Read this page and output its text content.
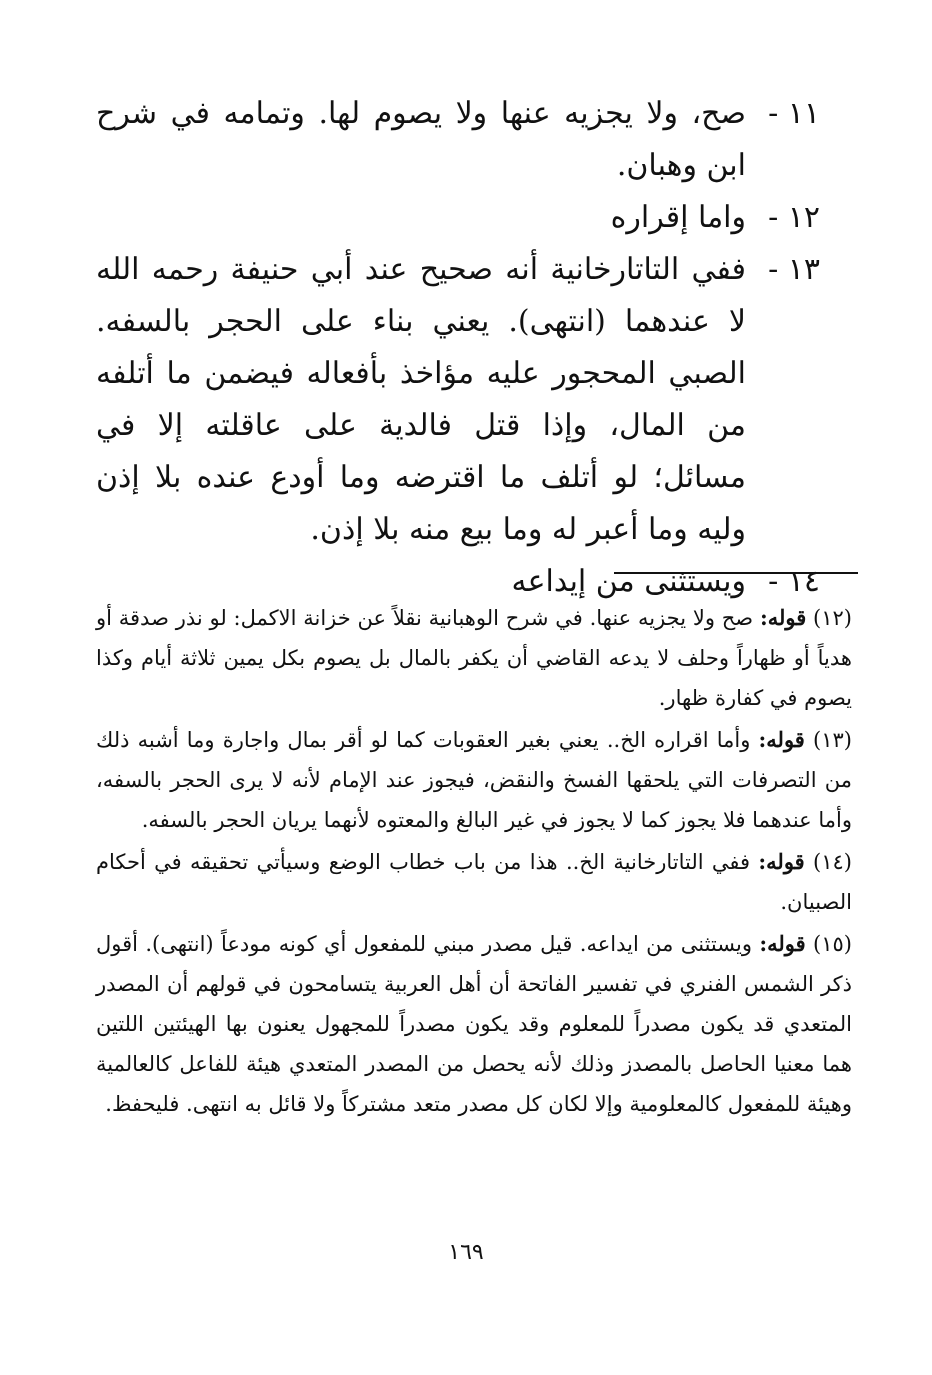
١١ -
صح، ولا يجزيه عنها ولا يصوم لها. وتمامه في شرح ابن وهبان.
١٢ -
واما إقراره
١٣ -
ففي التاتارخانية أنه صحيح عند أبي حنيفة رحمه الله لا عندهما (انتهى). يعني بناء على الحجر بالسفه. الصبي المحجور عليه مؤاخذ بأفعاله فيضمن ما أتلفه من المال، وإذا قتل فالدية على عاقلته إلا في مسائل؛ لو أتلف ما اقترضه وما أودع عنده بلا إذن وليه وما أعبر له وما بيع منه بلا إذن.
١٤ -
ويستثنى من إيداعه

(١٢) قوله: صح ولا يجزيه عنها. في شرح الوهبانية نقلاً عن خزانة الاكمل: لو نذر صدقة أو هدياً أو ظهاراً وحلف لا يدعه القاضي أن يكفر بالمال بل يصوم بكل يمين ثلاثة أيام وكذا يصوم في كفارة ظهار.

(١٣) قوله: وأما اقراره الخ.. يعني بغير العقوبات كما لو أقر بمال واجارة وما أشبه ذلك من التصرفات التي يلحقها الفسخ والنقض، فيجوز عند الإمام لأنه لا يرى الحجر بالسفه، وأما عندهما فلا يجوز كما لا يجوز في غير البالغ والمعتوه لأنهما يريان الحجر بالسفه.

(١٤) قوله: ففي التاتارخانية الخ.. هذا من باب خطاب الوضع وسيأتي تحقيقه في أحكام الصبيان.

(١٥) قوله: ويستثنى من ايداعه. قيل مصدر مبني للمفعول أي كونه مودعاً (انتهى). أقول ذكر الشمس الفنري في تفسير الفاتحة أن أهل العربية يتسامحون في قولهم أن المصدر المتعدي قد يكون مصدراً للمعلوم وقد يكون مصدراً للمجهول يعنون بها الهيئتين اللتين هما معنيا الحاصل بالمصدز وذلك لأنه يحصل من المصدر المتعدي هيئة للفاعل كالعالمية وهيئة للمفعول كالمعلومية وإلا لكان كل مصدر متعد مشتركاً ولا قائل به انتهى. فليحفظ.

١٦٩
